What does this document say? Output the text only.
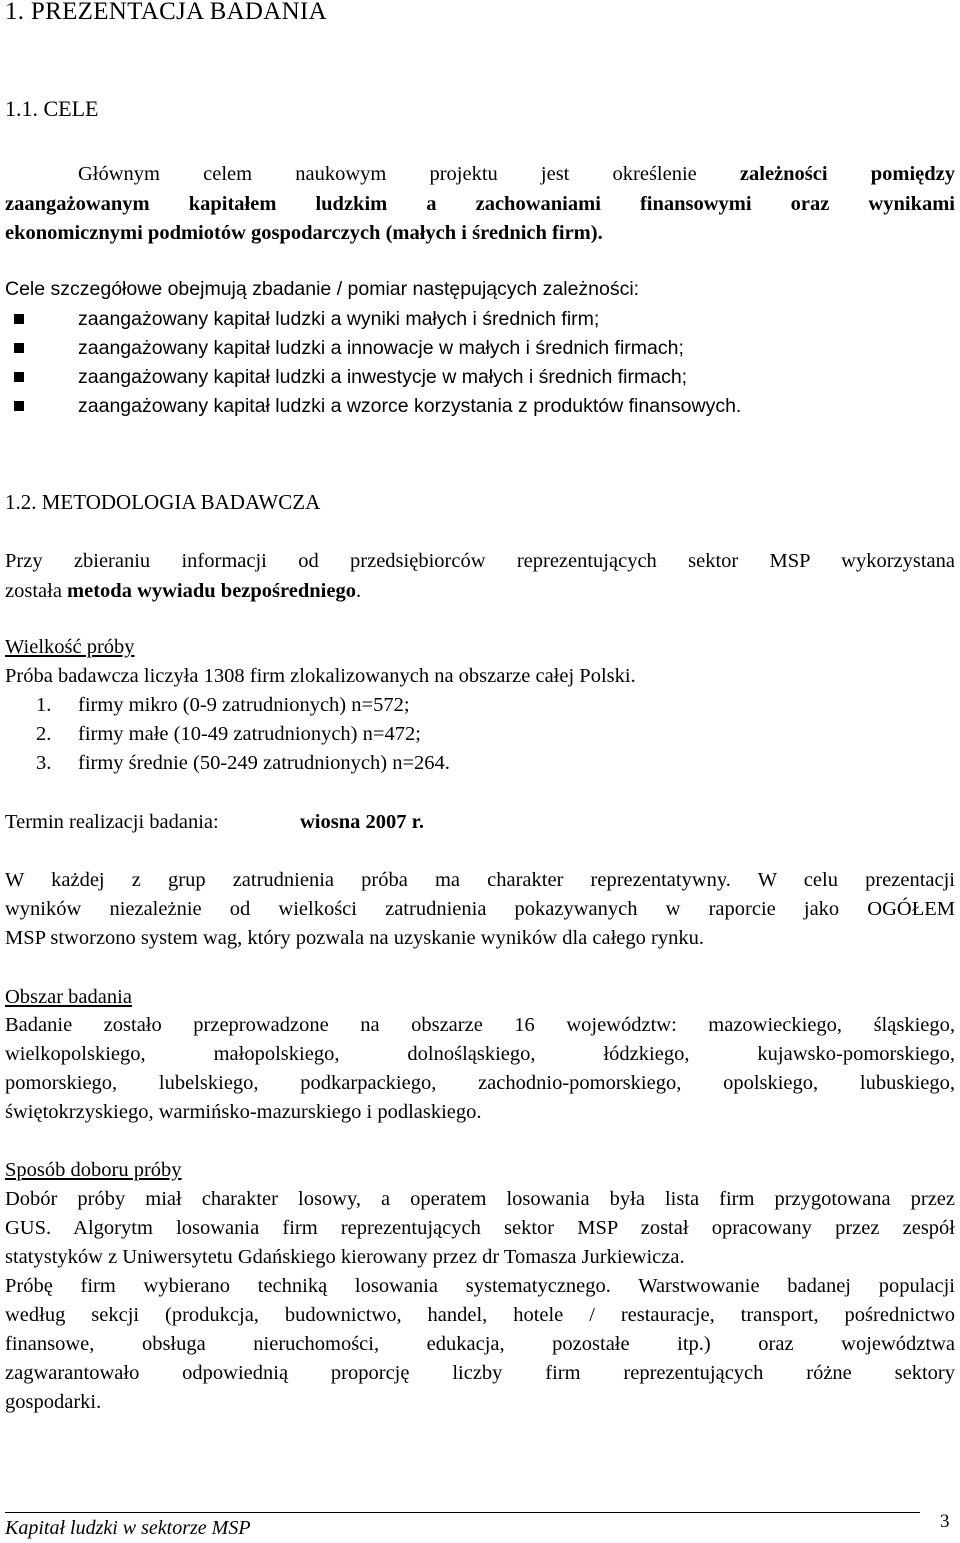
1. PREZENTACJA BADANIA
1.1. CELE
Głównym celem naukowym projektu jest określenie zależności pomiędzy
zaangażowanym kapitałem ludzkim a zachowaniami finansowymi oraz wynikami
ekonomicznymi podmiotów gospodarczych (małych i średnich firm).
Cele szczegółowe obejmują zbadanie / pomiar następujących zależności:
zaangażowany kapitał ludzki a wyniki małych i średnich firm;
zaangażowany kapitał ludzki a innowacje w małych i średnich firmach;
zaangażowany kapitał ludzki a inwestycje w małych i średnich firmach;
zaangażowany kapitał ludzki a wzorce korzystania z produktów finansowych.
1.2. METODOLOGIA BADAWCZA
Przy zbieraniu informacji od przedsiębiorców reprezentujących sektor MSP wykorzystana
została metoda wywiadu bezpośredniego.
Wielkość próby
Próba badawcza liczyła 1308 firm zlokalizowanych na obszarze całej Polski.
1. firmy mikro (0-9 zatrudnionych) n=572;
2. firmy małe (10-49 zatrudnionych) n=472;
3. firmy średnie (50-249 zatrudnionych) n=264.
Termin realizacji badania:	wiosna 2007 r.
W każdej z grup zatrudnienia próba ma charakter reprezentatywny. W celu prezentacji
wyników niezależnie od wielkości zatrudnienia pokazywanych w raporcie jako OGÓŁEM
MSP stworzono system wag, który pozwala na uzyskanie wyników dla całego rynku.
Obszar badania
Badanie zostało przeprowadzone na obszarze 16 województw: mazowieckiego, śląskiego,
wielkopolskiego, małopolskiego, dolnośląskiego, łódzkiego, kujawsko-pomorskiego,
pomorskiego, lubelskiego, podkarpackiego, zachodnio-pomorskiego, opolskiego, lubuskiego,
świętokrzyskiego, warmińsko-mazurskiego i podlaskiego.
Sposób doboru próby
Dobór próby miał charakter losowy, a operatem losowania była lista firm przygotowana przez
GUS. Algorytm losowania firm reprezentujących sektor MSP został opracowany przez zespół
statystyków z Uniwersytetu Gdańskiego kierowany przez dr Tomasza Jurkiewicza.
Próbę firm wybierano techniką losowania systematycznego. Warstwowanie badanej populacji
według sekcji (produkcja, budownictwo, handel, hotele / restauracje, transport, pośrednictwo
finansowe, obsługa nieruchomości, edukacja, pozostałe itp.) oraz województwa
zagwarantowało odpowiednią proporcję liczby firm reprezentujących różne sektory
gospodarki.
Kapitał ludzki w sektorze MSP	3
